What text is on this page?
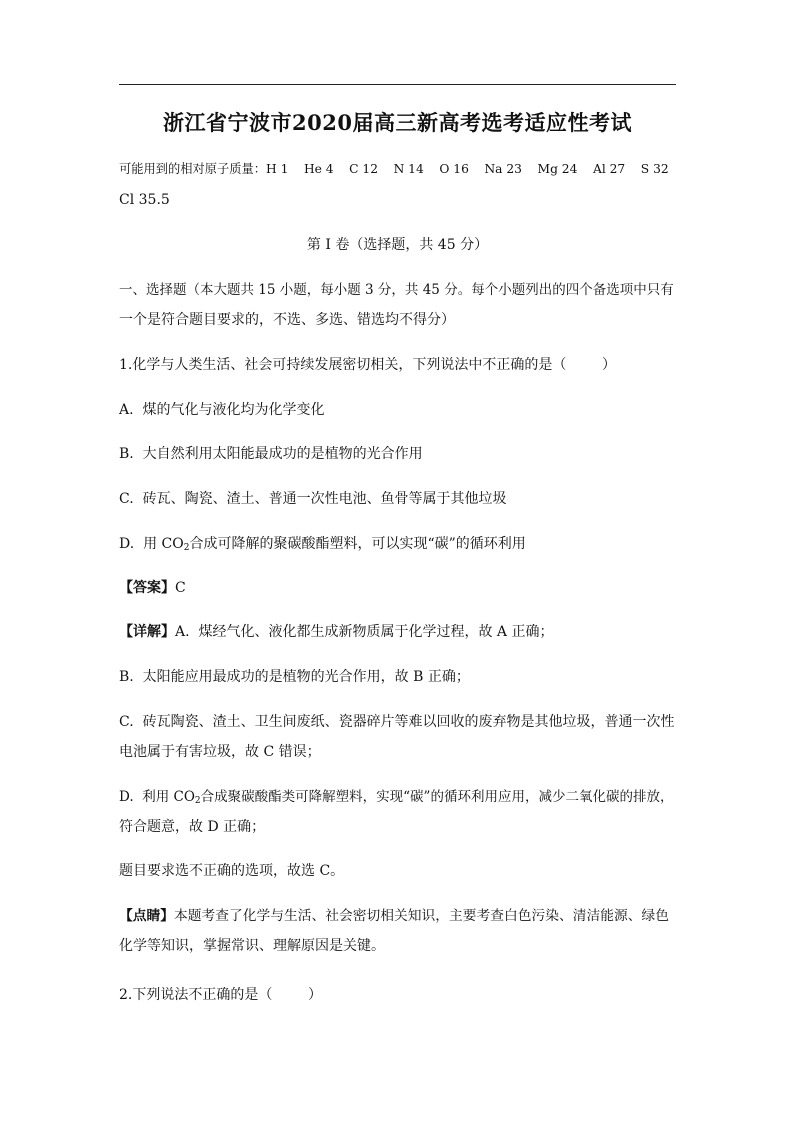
浙江省宁波市2020届高三新高考选考适应性考试
可能用到的相对原子质量：H 1    He 4    C 12    N 14    O 16    Na 23    Mg 24    Al 27    S 32
Cl 35.5
第 I 卷（选择题，共 45 分）
一、选择题（本大题共 15 小题，每小题 3 分，共 45 分。每个小题列出的四个备选项中只有
一个是符合题目要求的，不选、多选、错选均不得分）
1.化学与人类生活、社会可持续发展密切相关，下列说法中不正确的是（        ）
A.  煤的气化与液化均为化学变化
B.  大自然利用太阳能最成功的是植物的光合作用
C.  砖瓦、陶瓷、渣土、普通一次性电池、鱼骨等属于其他垃圾
D.  用 $CO_2$合成可降解的聚碳酸酯塑料，可以实现“碳”的循环利用
【答案】C
【详解】A.  煤经气化、液化都生成新物质属于化学过程，故 A 正确；
B.  太阳能应用最成功的是植物的光合作用，故 B 正确；
C.  砖瓦陶瓷、渣土、卫生间废纸、瓷器碎片等难以回收的废弃物是其他垃圾，普通一次性
电池属于有害垃圾，故 C 错误；
D.  利用 $CO_2$合成聚碳酸酯类可降解塑料，实现“碳”的循环利用应用，减少二氧化碳的排放，
符合题意，故 D 正确；
题目要求选不正确的选项，故选 C。
【点睛】本题考查了化学与生活、社会密切相关知识，主要考查白色污染、清洁能源、绿色
化学等知识，掌握常识、理解原因是关键。
2.下列说法不正确的是（        ）
